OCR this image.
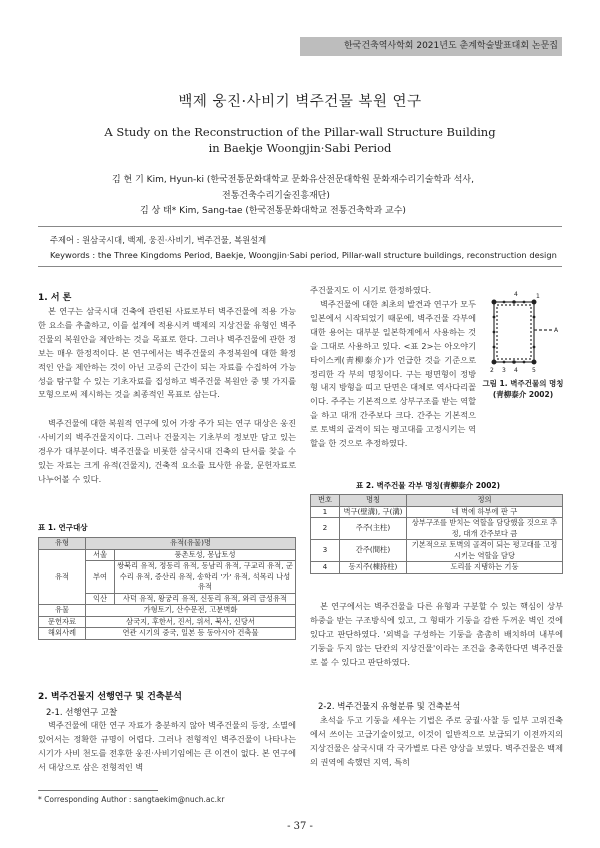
한국건축역사학회 2021년도 춘계학술발표대회 논문집
백제 웅진·사비기 벽주건물 복원 연구
A Study on the Reconstruction of the Pillar-wall Structure Building
in Baekje Woongjin·Sabi Period
김 현 기 Kim, Hyun-ki (한국전통문화대학교 문화유산전문대학원 문화재수리기술학과 석사,
전통건축수리기술진흥재단)
김 상 태* Kim, Sang-tae (한국전통문화대학교 전통건축학과 교수)
주제어 : 원삼국시대, 백제, 웅진·사비기, 벽주건물, 복원설계
Keywords : the Three Kingdoms Period, Baekje, Woongjin·Sabi period, Pillar-wall structure buildings, reconstruction design
1. 서 론
본 연구는 삼국시대 건축에 관련된 사료로부터 벽주건물에 적용 가능한 요소를 추출하고, 이를 설계에 적용시켜 백제의 지상건물 유형인 벽주건물의 복원안을 제안하는 것을 목표로 한다. 그러나 벽주건물에 관한 정보는 매우 한정적이다. 본 연구에서는 벽주건물의 추정복원에 대한 확정적인 안을 제안하는 것이 아닌 고증의 근간이 되는 자료를 수집하여 가능성을 탐구할 수 있는 기초자료를 집성하고 벽주건물 복원안 중 몇 가지를 모형으로써 제시하는 것을 최종적인 목표로 삼는다.
벽주건물에 대한 복원적 연구에 있어 가장 주가 되는 연구 대상은 웅진·사비기의 벽주건물지이다. 그러나 건물지는 기초부의 정보만 담고 있는 경우가 대부분이다. 벽주건물을 비롯한 삼국시대 건축의 단서를 찾을 수 있는 자료는 크게 유적(건물지), 건축적 요소를 묘사한 유물, 문헌자료로 나누어볼 수 있다.
표 1. 연구대상
유형	유적(유물)명	
유적	서울	풍촌토성, 몽납토성
	부여	쌍북리 유적, 정동리 유적, 동남리 유적, 구교리 유적, 군수리 유적, 증산리 유적, 송학리 '가' 유적, 석목리 나성유적
	익산	사덕 유적, 왕궁리 유적, 신동리 유적, 와리 금성유적
유물	가형토기, 산수문전, 고분벽화	
문헌자료	삼국지, 후한서, 진서, 위서, 북사, 신당서	
해외사례	연관 시기의 중국, 일본 등 동아시아 건축물	
2. 벽주건물지 선행연구 및 건축분석
2-1. 선행연구 고찰
벽주건물에 대한 연구 자료가 충분하지 않아 벽주건물의 등장, 소멸에 있어서는 정확한 규명이 어렵다. 그러나 전형적인 벽주건물이 나타나는 시기가 사비 천도를 전후한 웅진·사비기임에는 큰 이견이 없다. 본 연구에서 대상으로 삼은 전형적인 벽
* Corresponding Author : sangtaekim@nuch.ac.kr
주건물지도 이 시기로 한정하였다.
벽주건물에 대한 최초의 발견과 연구가 모두 일본에서 시작되었기 때문에, 벽주건물 각부에 대한 용어는 대부분 일본학계에서 사용하는 것을 그대로 사용하고 있다. <표 2>는 아오야기 타이스케(靑柳泰介)가 언급한 것을 기준으로 정리한 각 부의 명칭이다. 구는 평면형이 정방형 내지 방형을 띠고 단면은 대체로 역사다리꼴이다. 주주는 기본적으로 상부구조를 받는 역할을 하고 대개 간주보다 크다. 간주는 기본적으로 토벽의 골격이 되는 평고대를 고정시키는 역할을 한 것으로 추정하였다.
4	1
A
2 3 4 5
그림 1. 벽주건물의 명칭 (靑柳泰介 2002)
표 2. 벽주건물 각부 명칭(靑柳泰介 2002)
번호	명칭	정의
1	벽구(壁溝), 구(溝)	네 벽에 하부에 판 구
2	주주(主柱)	상부구조를 받치는 역할을 담당했을 것으로 추정, 대개 간주보다 큼
3	간주(間柱)	기본적으로 토벽의 골격이 되는 평고대를 고정시키는 역할을 담당
4	동지주(棟持柱)	도리를 지탱하는 기둥
본 연구에서는 벽주건물을 다른 유형과 구분할 수 있는 핵심이 상부 하중을 받는 구조방식에 있고, 그 형태가 기둥을 감싼 두꺼운 벽인 것에 있다고 판단하였다. '외벽을 구성하는 기둥을 촘촘히 배치하며 내부에 기둥을 두지 않는 단칸의 지상건물'이라는 조건을 충족한다면 벽주건물로 볼 수 있다고 판단하였다.
2-2. 벽주건물지 유형분류 및 건축분석
초석을 두고 기둥을 세우는 기법은 주로 궁궐·사찰 등 일부 고위건축에서 쓰이는 고급기술이었고, 이것이 일반적으로 보급되기 이전까지의 지상건물은 삼국시대 각 국가별로 다른 양상을 보였다. 벽주건물은 백제의 권역에 속했던 지역, 특히
- 37 -
